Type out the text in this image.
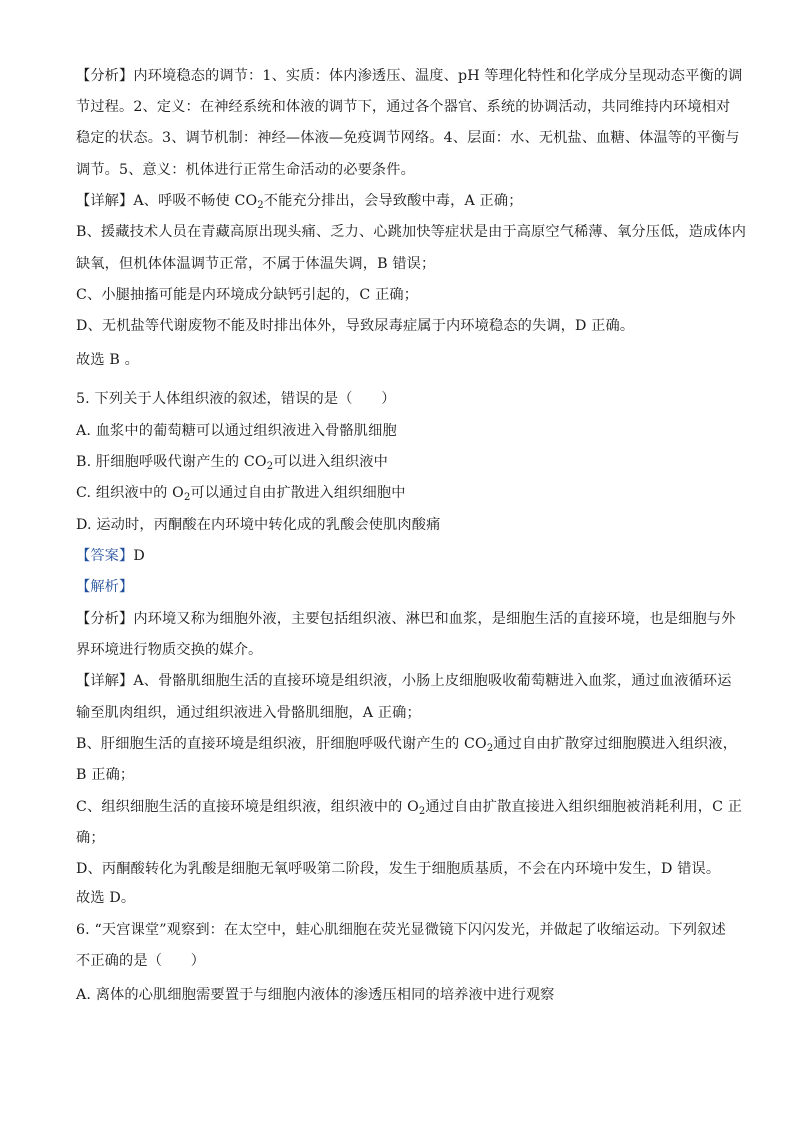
【分析】内环境稳态的调节：1、实质：体内渗透压、温度、pH 等理化特性和化学成分呈现动态平衡的调
节过程。2、定义：在神经系统和体液的调节下，通过各个器官、系统的协调活动，共同维持内环境相对
稳定的状态。3、调节机制：神经—体液—免疫调节网络。4、层面：水、无机盐、血糖、体温等的平衡与
调节。5、意义：机体进行正常生命活动的必要条件。
【详解】A、呼吸不畅使 $CO_2$不能充分排出，会导致酸中毒，A 正确；
B、援藏技术人员在青藏高原出现头痛、乏力、心跳加快等症状是由于高原空气稀薄、氧分压低，造成体内
缺氧，但机体体温调节正常，不属于体温失调，B 错误；
C、小腿抽搐可能是内环境成分缺钙引起的，C 正确；
D、无机盐等代谢废物不能及时排出体外，导致尿毒症属于内环境稳态的失调，D 正确。
故选 B 。
5. 下列关于人体组织液的叙述，错误的是（　　）
A. 血浆中的葡萄糖可以通过组织液进入骨骼肌细胞
B. 肝细胞呼吸代谢产生的 $CO_2$可以进入组织液中
C. 组织液中的 $O_2$可以通过自由扩散进入组织细胞中
D. 运动时，丙酮酸在内环境中转化成的乳酸会使肌肉酸痛
【答案】D
【解析】
【分析】内环境又称为细胞外液，主要包括组织液、淋巴和血浆，是细胞生活的直接环境，也是细胞与外
界环境进行物质交换的媒介。
【详解】A、骨骼肌细胞生活的直接环境是组织液，小肠上皮细胞吸收葡萄糖进入血浆，通过血液循环运
输至肌肉组织，通过组织液进入骨骼肌细胞，A 正确；
B、肝细胞生活的直接环境是组织液，肝细胞呼吸代谢产生的 $CO_2$通过自由扩散穿过细胞膜进入组织液，
B 正确；
C、组织细胞生活的直接环境是组织液，组织液中的 $O_2$通过自由扩散直接进入组织细胞被消耗利用，C 正
确；
D、丙酮酸转化为乳酸是细胞无氧呼吸第二阶段，发生于细胞质基质，不会在内环境中发生，D 错误。
故选 D。
6. “天宫课堂”观察到：在太空中，蛙心肌细胞在荧光显微镜下闪闪发光，并做起了收缩运动。下列叙述
不正确的是（　　）
A. 离体的心肌细胞需要置于与细胞内液体的渗透压相同的培养液中进行观察
